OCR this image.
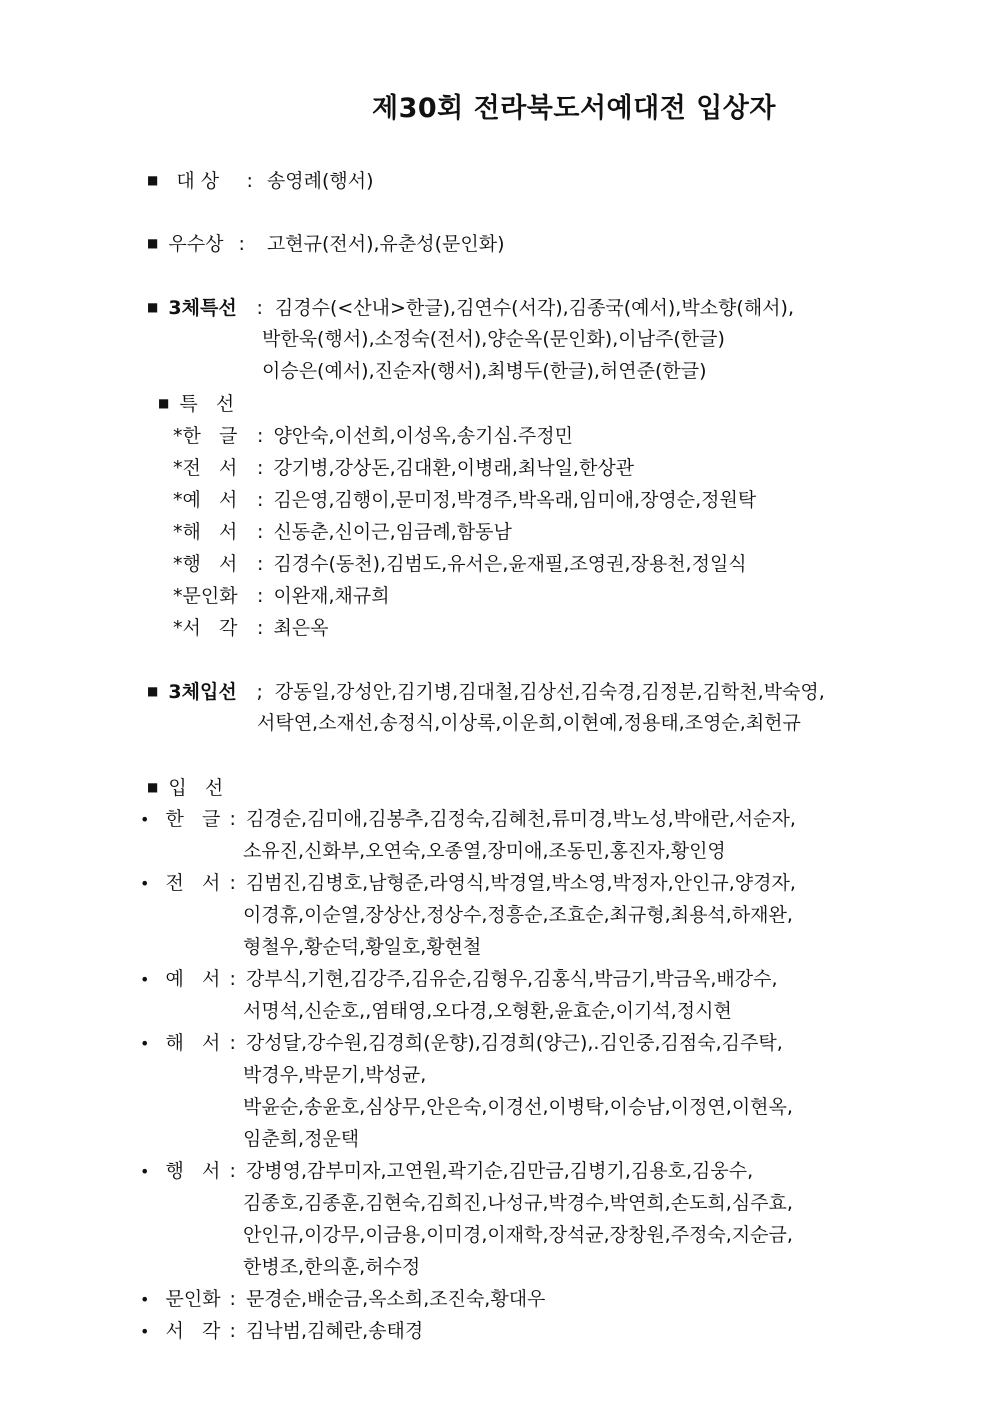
제30회 전라북도서예대전 입상자
■ 대 상 : 송영례(행서)
■ 우수상 : 고현규(전서),유춘성(문인화)
■ 3체특선 : 김경수(<산내>한글),김연수(서각),김종국(예서),박소향(해서),
박한욱(행서),소정숙(전서),양순옥(문인화),이남주(한글)
이승은(예서),진순자(행서),최병두(한글),허연준(한글)
■ 특   선
*한   글 : 양안숙,이선희,이성옥,송기심.주정민
*전   서 : 강기병,강상돈,김대환,이병래,최낙일,한상관
*예   서 : 김은영,김행이,문미정,박경주,박옥래,임미애,장영순,정원탁
*해   서 : 신동춘,신이근,임금례,함동남
*행   서 : 김경수(동천),김범도,유서은,윤재필,조영권,장용천,정일식
*문인화 : 이완재,채규희
*서   각 : 최은옥
■ 3체입선 ; 강동일,강성안,김기병,김대철,김상선,김숙경,김정분,김학천,박숙영,
서탁연,소재선,송정식,이상록,이운희,이현예,정용태,조영순,최헌규
■ 입   선
• 한   글 : 김경순,김미애,김봉추,김정숙,김혜천,류미경,박노성,박애란,서순자,
소유진,신화부,오연숙,오종열,장미애,조동민,홍진자,황인영
• 전   서 : 김범진,김병호,남형준,라영식,박경열,박소영,박정자,안인규,양경자,
이경휴,이순열,장상산,정상수,정흥순,조효순,최규형,최용석,하재완,
형철우,황순덕,황일호,황현철
• 예   서 : 강부식,기현,김강주,김유순,김형우,김홍식,박금기,박금옥,배강수,
서명석,신순호,,염태영,오다경,오형환,윤효순,이기석,정시현
• 해   서 : 강성달,강수원,김경희(운향),김경희(양근),.김인중,김점숙,김주탁,
박경우,박문기,박성균,
박윤순,송윤호,심상무,안은숙,이경선,이병탁,이승남,이정연,이현옥,
임춘희,정운택
• 행   서 : 강병영,감부미자,고연원,곽기순,김만금,김병기,김용호,김웅수,
김종호,김종훈,김현숙,김희진,나성규,박경수,박연희,손도희,심주효,
안인규,이강무,이금용,이미경,이재학,장석균,장창원,주정숙,지순금,
한병조,한의훈,허수정
• 문인화 : 문경순,배순금,옥소희,조진숙,황대우
• 서   각 : 김낙범,김혜란,송태경
